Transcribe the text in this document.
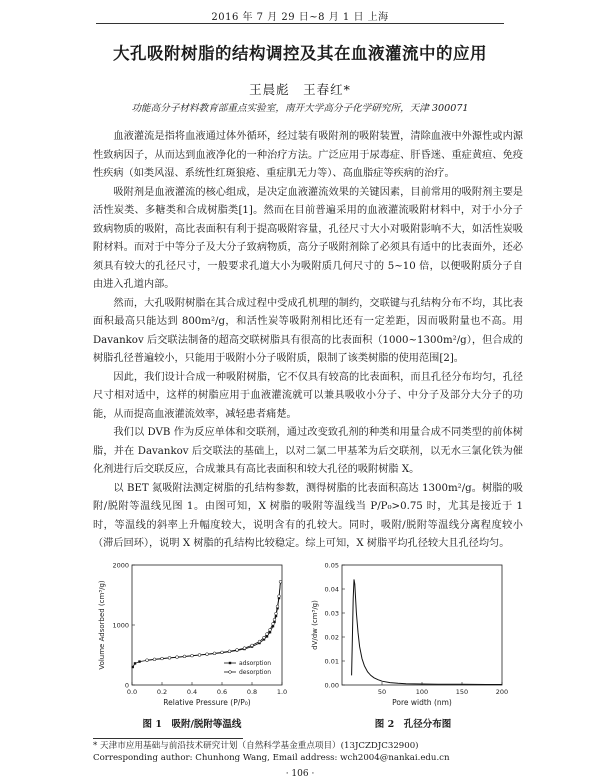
2016 年 7 月 29 日~8 月 1 日 上海
大孔吸附树脂的结构调控及其在血液灌流中的应用
王晨彪　王春红*
功能高分子材料教育部重点实验室，南开大学高分子化学研究所，天津 300071

血液灌流是指将血液通过体外循环，经过装有吸附剂的吸附装置，清除血液中外源性或内源性致病因子，从而达到血液净化的一种治疗方法。广泛应用于尿毒症、肝昏迷、重症黄疸、免疫性疾病（如类风湿、系统性红斑狼疮、重症肌无力等）、高血脂症等疾病的治疗。

吸附剂是血液灌流的核心组成，是决定血液灌流效果的关键因素，目前常用的吸附剂主要是活性炭类、多糖类和合成树脂类[1]。然而在目前普遍采用的血液灌流吸附材料中，对于小分子致病物质的吸附，高比表面积有利于提高吸附容量，孔径尺寸大小对吸附影响不大，如活性炭吸附材料。而对于中等分子及大分子致病物质，高分子吸附剂除了必须具有适中的比表面外，还必须具有较大的孔径尺寸，一般要求孔道大小为吸附质几何尺寸的 5~10 倍，以便吸附质分子自由进入孔道内部。

然而，大孔吸附树脂在其合成过程中受成孔机理的制约，交联键与孔结构分布不均，其比表面积最高只能达到 800m²/g，和活性炭等吸附剂相比还有一定差距，因而吸附量也不高。用 Davankov 后交联法制备的超高交联树脂具有很高的比表面积（1000~1300m²/g），但合成的树脂孔径普遍较小，只能用于吸附小分子吸附质，限制了该类树脂的使用范围[2]。

因此，我们设计合成一种吸附树脂，它不仅具有较高的比表面积，而且孔径分布均匀，孔径尺寸相对适中，这样的树脂应用于血液灌流就可以兼具吸收小分子、中分子及部分大分子的功能，从而提高血液灌流效率，减轻患者痛楚。

我们以 DVB 作为反应单体和交联剂，通过改变致孔剂的种类和用量合成不同类型的前体树脂，并在 Davankov 后交联法的基础上，以对二氯二甲基苯为后交联剂，以无水三氯化铁为催化剂进行后交联反应，合成兼具有高比表面积和较大孔径的吸附树脂 X。

以 BET 氮吸附法测定树脂的孔结构参数，测得树脂的比表面积高达 1300m²/g。树脂的吸附/脱附等温线见图 1。由图可知，X 树脂的吸附等温线当 P/P₀>0.75 时，尤其是接近于 1 时，等温线的斜率上升幅度较大，说明含有的孔较大。同时，吸附/脱附等温线分离程度较小（滞后回环），说明 X 树脂的孔结构比较稳定。综上可知，X 树脂平均孔径较大且孔径均匀。

0.0	0.2	0.4	0.6	0.8	1.0
0
1000
2000
Relative Pressure (P/P₀)
Volume Adsorbed (cm³/g)	adsorption
desorption
图 1　吸附/脱附等温线
50	100	150	200
0.00
0.01
0.02
0.03
0.04
0.05
Pore width (nm)
dV/dw (cm³/g)
图 2　孔径分布图
* 天津市应用基础与前沿技术研究计划（自然科学基金重点项目）(13JCZDJC32900)
Corresponding author: Chunhong Wang, Email address: wch2004@nankai.edu.cn
· 106 ·
